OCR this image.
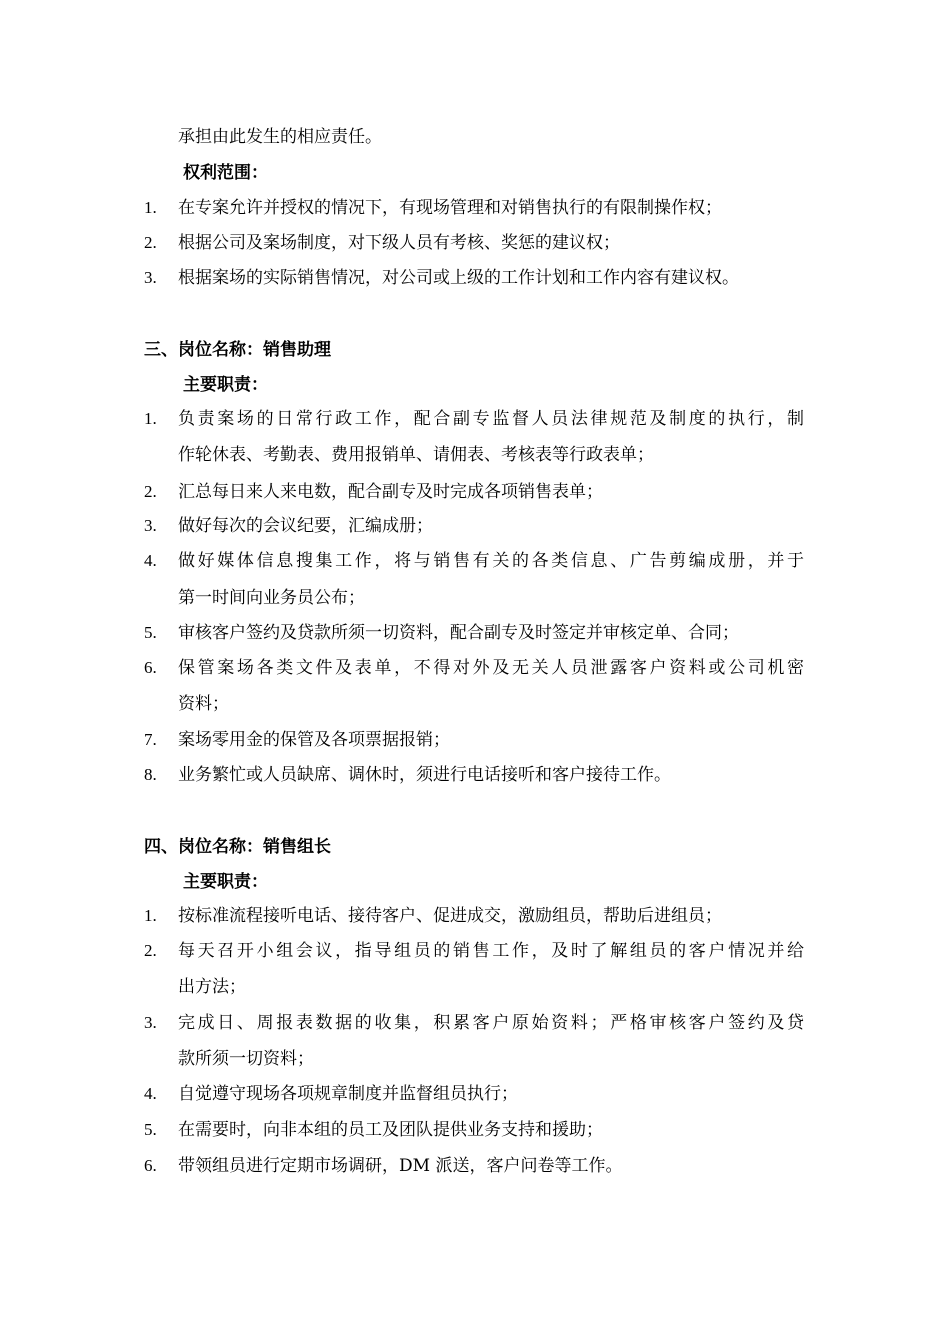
承担由此发生的相应责任。
权利范围：
1.	在专案允许并授权的情况下，有现场管理和对销售执行的有限制操作权；
2.	根据公司及案场制度，对下级人员有考核、奖惩的建议权；
3.	根据案场的实际销售情况，对公司或上级的工作计划和工作内容有建议权。
三、岗位名称：销售助理
主要职责：
1.	负责案场的日常行政工作，配合副专监督人员法律规范及制度的执行，制
作轮休表、考勤表、费用报销单、请佣表、考核表等行政表单；
2.	汇总每日来人来电数，配合副专及时完成各项销售表单；
3.	做好每次的会议纪要，汇编成册；
4.	做好媒体信息搜集工作，将与销售有关的各类信息、广告剪编成册，并于
第一时间向业务员公布；
5.	审核客户签约及贷款所须一切资料，配合副专及时签定并审核定单、合同；
6.	保管案场各类文件及表单，不得对外及无关人员泄露客户资料或公司机密
资料；
7.	案场零用金的保管及各项票据报销；
8.	业务繁忙或人员缺席、调休时，须进行电话接听和客户接待工作。
四、岗位名称：销售组长
主要职责：
1.	按标准流程接听电话、接待客户、促进成交，激励组员，帮助后进组员；
2.	每天召开小组会议，指导组员的销售工作，及时了解组员的客户情况并给
出方法；
3.	完成日、周报表数据的收集，积累客户原始资料；严格审核客户签约及贷
款所须一切资料；
4.	自觉遵守现场各项规章制度并监督组员执行；
5.	在需要时，向非本组的员工及团队提供业务支持和援助；
6.	带领组员进行定期市场调研，DM 派送，客户问卷等工作。
